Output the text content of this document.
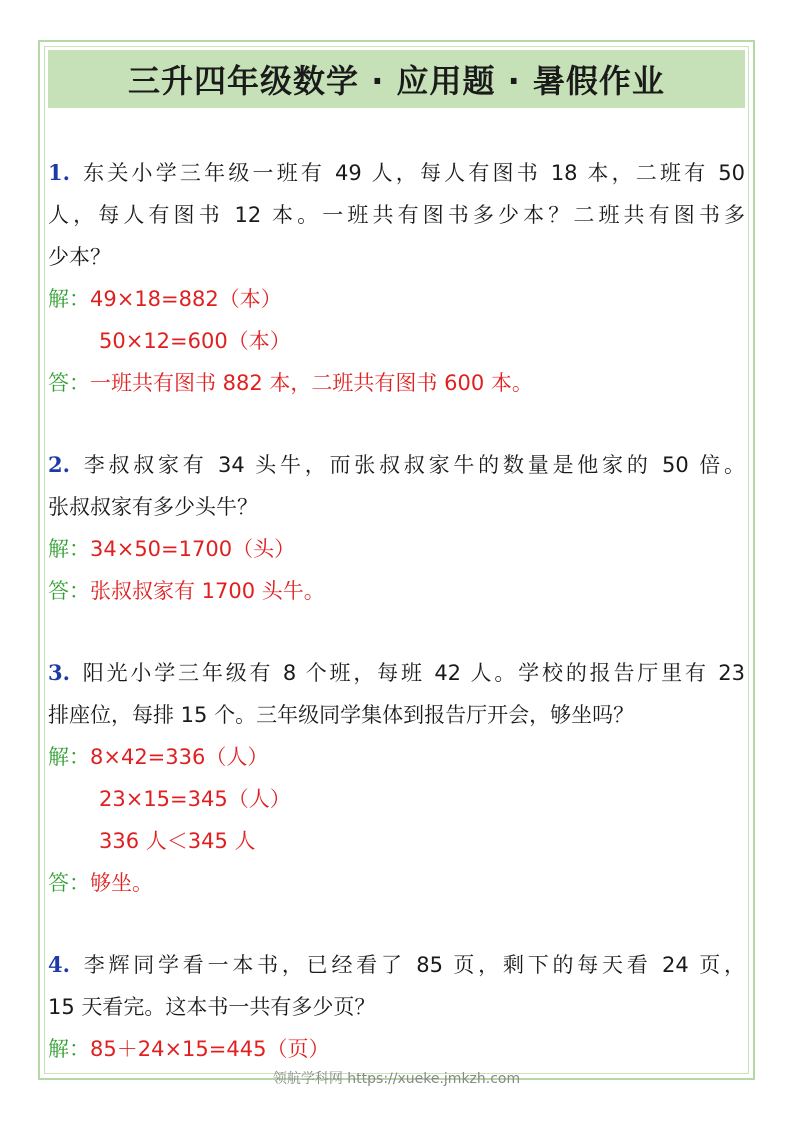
三升四年级数学 · 应用题 · 暑假作业
1. 东关小学三年级一班有 49 人，每人有图书 18 本，二班有 50
人，每人有图书 12 本。一班共有图书多少本？二班共有图书多
少本？
解：49×18=882（本）
50×12=600（本）
答：一班共有图书 882 本，二班共有图书 600 本。
2. 李叔叔家有 34 头牛，而张叔叔家牛的数量是他家的 50 倍。
张叔叔家有多少头牛？
解：34×50=1700（头）
答：张叔叔家有 1700 头牛。
3. 阳光小学三年级有 8 个班，每班 42 人。学校的报告厅里有 23
排座位，每排 15 个。三年级同学集体到报告厅开会，够坐吗？
解：8×42=336（人）
23×15=345（人）
336 人＜345 人
答：够坐。
4. 李辉同学看一本书，已经看了 85 页，剩下的每天看 24 页，
15 天看完。这本书一共有多少页？
解：85＋24×15=445（页）
领航学科网 https://xueke.jmkzh.com
